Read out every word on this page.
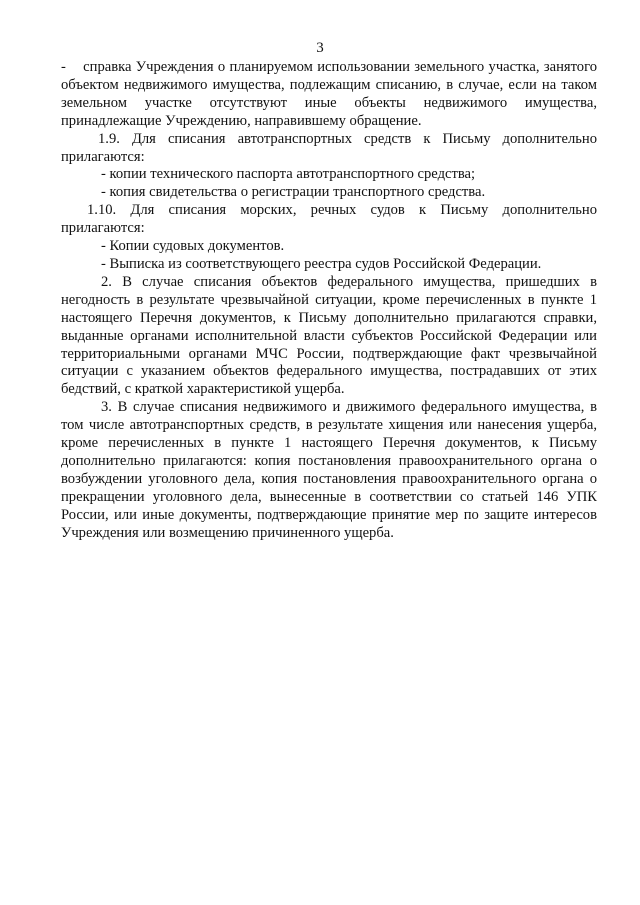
3

-    справка Учреждения о планируемом использовании земельного участка, занятого объектом недвижимого имущества, подлежащим списанию, в случае, если на таком земельном участке отсутствуют иные объекты недвижимого имущества, принадлежащие Учреждению, направившему обращение.

1.9. Для списания автотранспортных средств к Письму дополнительно прилагаются:

- копии технического паспорта автотранспортного средства;

- копия свидетельства о регистрации транспортного средства.

1.10. Для списания морских, речных судов к Письму дополнительно прилагаются:

- Копии судовых документов.

- Выписка из соответствующего реестра судов Российской Федерации.

2. В случае списания объектов федерального имущества, пришедших в негодность в результате чрезвычайной ситуации, кроме перечисленных в пункте 1 настоящего Перечня документов, к Письму дополнительно прилагаются справки, выданные органами исполнительной власти субъектов Российской Федерации или территориальными органами МЧС России, подтверждающие факт чрезвычайной ситуации с указанием объектов федерального имущества, пострадавших от этих бедствий, с краткой характеристикой ущерба.

3. В случае списания недвижимого и движимого федерального имущества, в том числе автотранспортных средств, в результате хищения или нанесения ущерба, кроме перечисленных в пункте 1 настоящего Перечня документов, к Письму дополнительно прилагаются: копия постановления правоохранительного органа о возбуждении уголовного дела, копия постановления правоохранительного органа о прекращении уголовного дела, вынесенные в соответствии со статьей 146 УПК России, или иные документы, подтверждающие принятие мер по защите интересов Учреждения или возмещению причиненного ущерба.
